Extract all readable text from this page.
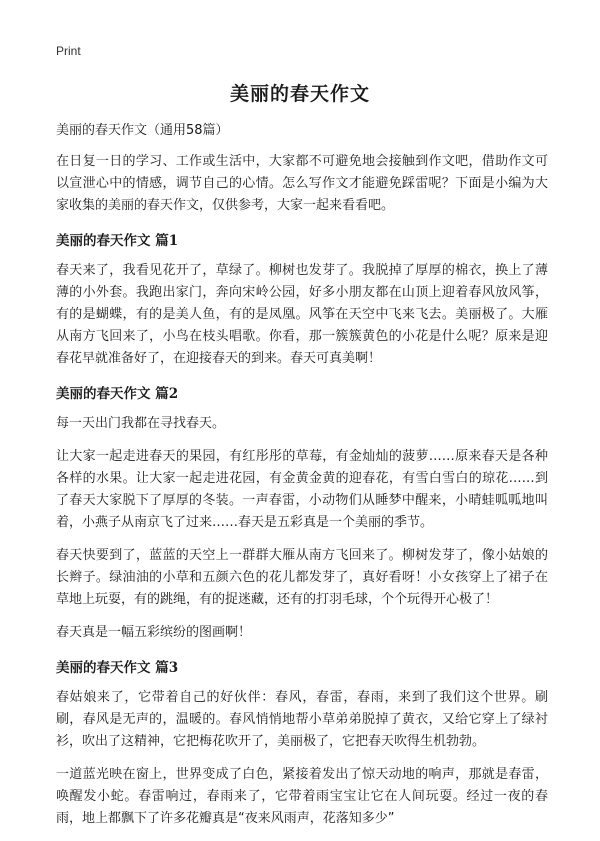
Print
美丽的春天作文

美丽的春天作文（通用58篇）

在日复一日的学习、工作或生活中，大家都不可避免地会接触到作文吧，借助作文可以宣泄心中的情感，调节自己的心情。怎么写作文才能避免踩雷呢？下面是小编为大家收集的美丽的春天作文，仅供参考，大家一起来看看吧。

美丽的春天作文 篇1

春天来了，我看见花开了，草绿了。柳树也发芽了。我脱掉了厚厚的棉衣，换上了薄薄的小外套。我跑出家门，奔向宋岭公园，好多小朋友都在山顶上迎着春风放风筝，有的是蝴蝶，有的是美人鱼，有的是凤凰。风筝在天空中飞来飞去。美丽极了。大雁从南方飞回来了，小鸟在枝头唱歌。你看，那一簇簇黄色的小花是什么呢？原来是迎春花早就准备好了，在迎接春天的到来。春天可真美啊！

美丽的春天作文 篇2

每一天出门我都在寻找春天。

让大家一起走进春天的果园，有红彤彤的草莓，有金灿灿的菠萝……原来春天是各种各样的水果。让大家一起走进花园，有金黄金黄的迎春花，有雪白雪白的琼花……到了春天大家脱下了厚厚的冬装。一声春雷，小动物们从睡梦中醒来，小晴蛙呱呱地叫着，小燕子从南京飞了过来……春天是五彩真是一个美丽的季节。

春天快要到了，蓝蓝的天空上一群群大雁从南方飞回来了。柳树发芽了，像小姑娘的长辫子。绿油油的小草和五颜六色的花儿都发芽了，真好看呀！小女孩穿上了裙子在草地上玩耍，有的跳绳，有的捉迷藏，还有的打羽毛球，个个玩得开心极了！

春天真是一幅五彩缤纷的图画啊！

美丽的春天作文 篇3

春姑娘来了，它带着自己的好伙伴：春风，春雷，春雨，来到了我们这个世界。刷刷，春风是无声的，温暖的。春风悄悄地帮小草弟弟脱掉了黄衣，又给它穿上了绿衬衫，吹出了这精神，它把梅花吹开了，美丽极了，它把春天吹得生机勃勃。

一道蓝光映在窗上，世界变成了白色，紧接着发出了惊天动地的响声，那就是春雷，唤醒发小蛇。春雷响过，春雨来了，它带着雨宝宝让它在人间玩耍。经过一夜的春雨，地上都飘下了许多花瓣真是“夜来风雨声，花落知多少”
